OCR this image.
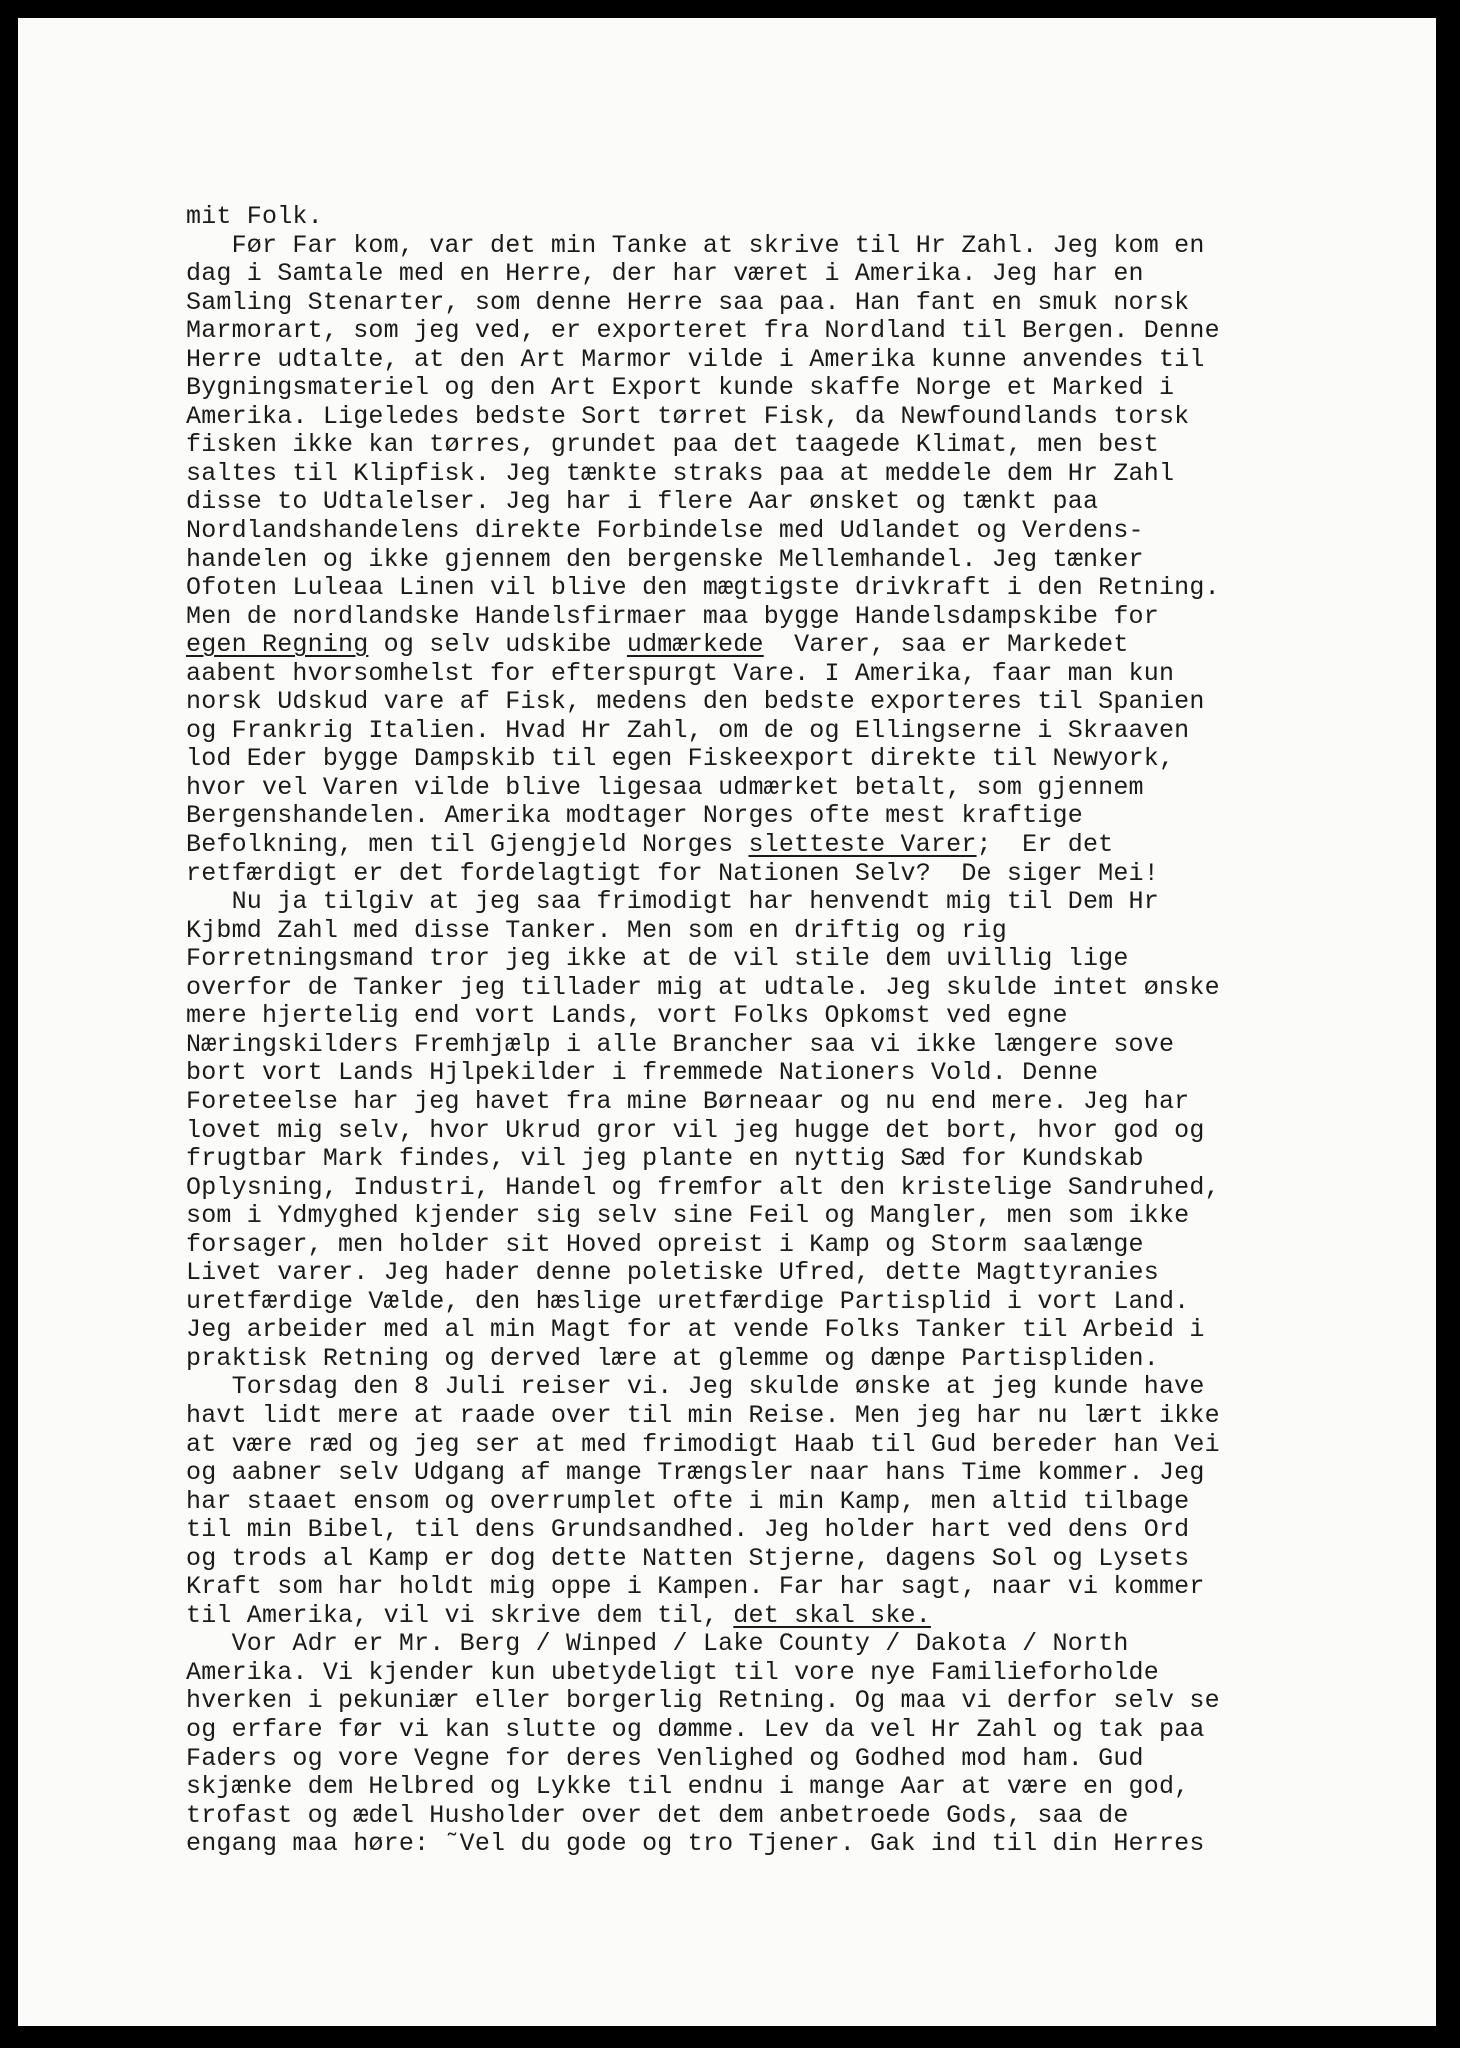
mit Folk.
Før Far kom, var det min Tanke at skrive til Hr Zahl. Jeg kom en
dag i Samtale med en Herre, der har været i Amerika. Jeg har en
Samling Stenarter, som denne Herre saa paa. Han fant en smuk norsk
Marmorart, som jeg ved, er exporteret fra Nordland til Bergen. Denne
Herre udtalte, at den Art Marmor vilde i Amerika kunne anvendes til
Bygningsmateriel og den Art Export kunde skaffe Norge et Marked i
Amerika. Ligeledes bedste Sort tørret Fisk, da Newfoundlands torsk
fisken ikke kan tørres, grundet paa det taagede Klimat, men best
saltes til Klipfisk. Jeg tænkte straks paa at meddele dem Hr Zahl
disse to Udtalelser. Jeg har i flere Aar ønsket og tænkt paa
Nordlandshandelens direkte Forbindelse med Udlandet og Verdens-
handelen og ikke gjennem den bergenske Mellemhandel. Jeg tænker
Ofoten Luleaa Linen vil blive den mægtigste drivkraft i den Retning.
Men de nordlandske Handelsfirmaer maa bygge Handelsdampskibe for
egen Regning og selv udskibe udmærkede  Varer, saa er Markedet
aabent hvorsomhelst for efterspurgt Vare. I Amerika, faar man kun
norsk Udskud vare af Fisk, medens den bedste exporteres til Spanien
og Frankrig Italien. Hvad Hr Zahl, om de og Ellingserne i Skraaven
lod Eder bygge Dampskib til egen Fiskeexport direkte til Newyork,
hvor vel Varen vilde blive ligesaa udmærket betalt, som gjennem
Bergenshandelen. Amerika modtager Norges ofte mest kraftige
Befolkning, men til Gjengjeld Norges sletteste Varer;  Er det
retfærdigt er det fordelagtigt for Nationen Selv?  De siger Mei!
Nu ja tilgiv at jeg saa frimodigt har henvendt mig til Dem Hr
Kjbmd Zahl med disse Tanker. Men som en driftig og rig
Forretningsmand tror jeg ikke at de vil stile dem uvillig lige
overfor de Tanker jeg tillader mig at udtale. Jeg skulde intet ønske
mere hjertelig end vort Lands, vort Folks Opkomst ved egne
Næringskilders Fremhjælp i alle Brancher saa vi ikke længere sove
bort vort Lands Hjlpekilder i fremmede Nationers Vold. Denne
Foreteelse har jeg havet fra mine Børneaar og nu end mere. Jeg har
lovet mig selv, hvor Ukrud gror vil jeg hugge det bort, hvor god og
frugtbar Mark findes, vil jeg plante en nyttig Sæd for Kundskab
Oplysning, Industri, Handel og fremfor alt den kristelige Sandruhed,
som i Ydmyghed kjender sig selv sine Feil og Mangler, men som ikke
forsager, men holder sit Hoved opreist i Kamp og Storm saalænge
Livet varer. Jeg hader denne poletiske Ufred, dette Magttyranies
uretfærdige Vælde, den hæslige uretfærdige Partisplid i vort Land.
Jeg arbeider med al min Magt for at vende Folks Tanker til Arbeid i
praktisk Retning og derved lære at glemme og dænpe Partispliden.
Torsdag den 8 Juli reiser vi. Jeg skulde ønske at jeg kunde have
havt lidt mere at raade over til min Reise. Men jeg har nu lært ikke
at være ræd og jeg ser at med frimodigt Haab til Gud bereder han Vei
og aabner selv Udgang af mange Trængsler naar hans Time kommer. Jeg
har staaet ensom og overrumplet ofte i min Kamp, men altid tilbage
til min Bibel, til dens Grundsandhed. Jeg holder hart ved dens Ord
og trods al Kamp er dog dette Natten Stjerne, dagens Sol og Lysets
Kraft som har holdt mig oppe i Kampen. Far har sagt, naar vi kommer
til Amerika, vil vi skrive dem til, det skal ske.
Vor Adr er Mr. Berg / Winped / Lake County / Dakota / North
Amerika. Vi kjender kun ubetydeligt til vore nye Familieforholde
hverken i pekuniær eller borgerlig Retning. Og maa vi derfor selv se
og erfare før vi kan slutte og dømme. Lev da vel Hr Zahl og tak paa
Faders og vore Vegne for deres Venlighed og Godhed mod ham. Gud
skjænke dem Helbred og Lykke til endnu i mange Aar at være en god,
trofast og ædel Husholder over det dem anbetroede Gods, saa de
engang maa høre: ˜Vel du gode og tro Tjener. Gak ind til din Herres
